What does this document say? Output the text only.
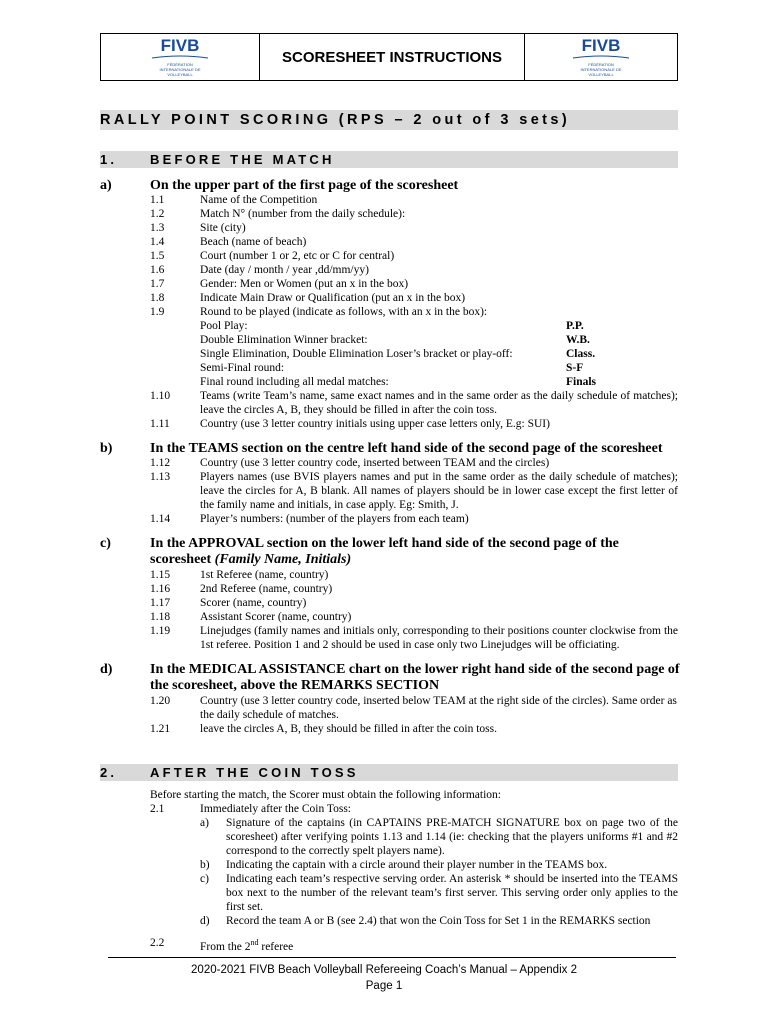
FIVB
FÉDÉRATION INTERNATIONALE DE VOLLEYBALL
SCORESHEET INSTRUCTIONS
FIVB
FÉDÉRATION INTERNATIONALE DE VOLLEYBALL
RALLY POINT SCORING (RPS – 2 out of 3 sets)
1.	BEFORE THE MATCH
a)	On the upper part of the first page of the scoresheet
1.1	Name of the Competition
1.2	Match N° (number from the daily schedule):
1.3	Site (city)
1.4	Beach (name of beach)
1.5	Court (number 1 or 2, etc or C for central)
1.6	Date (day / month / year ,dd/mm/yy)
1.7	Gender: Men or Women (put an x in the box)
1.8	Indicate Main Draw or Qualification (put an x in the box)
1.9	Round to be played (indicate as follows, with an x in the box):
Pool Play:	P.P.
Double Elimination Winner bracket:	W.B.
Single Elimination, Double Elimination Loser’s bracket or play-off:	Class.
Semi-Final round:	S-F
Final round including all medal matches:	Finals
1.10	Teams (write Team’s name, same exact names and in the same order as the daily schedule of matches); leave the circles A, B, they should be filled in after the coin toss.
1.11	Country (use 3 letter country initials using upper case letters only, E.g: SUI)
b)	In the TEAMS section on the centre left hand side of the second page of the scoresheet
1.12	Country (use 3 letter country code, inserted between TEAM and the circles)
1.13	Players names (use BVIS players names and put in the same order as the daily schedule of matches); leave the circles for A, B blank. All names of players should be in lower case except the first letter of the family name and initials, in case apply. Eg: Smith, J.
1.14	Player’s numbers: (number of the players from each team)
c)	In the APPROVAL section on the lower left hand side of the second page of the scoresheet (Family Name, Initials)
1.15	1st Referee (name, country)
1.16	2nd Referee (name, country)
1.17	Scorer (name, country)
1.18	Assistant Scorer (name, country)
1.19	Linejudges (family names and initials only, corresponding to their positions counter clockwise from the 1st referee. Position 1 and 2 should be used in case only two Linejudges will be officiating.
d)	In the MEDICAL ASSISTANCE chart on the lower right hand side of the second page of the scoresheet, above the REMARKS SECTION
1.20	Country (use 3 letter country code, inserted below TEAM at the right side of the circles). Same order as the daily schedule of matches.
1.21	leave the circles A, B, they should be filled in after the coin toss.
2.	AFTER THE COIN TOSS
Before starting the match, the Scorer must obtain the following information:
2.1	Immediately after the Coin Toss:
a) Signature of the captains (in CAPTAINS PRE-MATCH SIGNATURE box on page two of the scoresheet) after verifying points 1.13 and 1.14 (ie: checking that the players uniforms #1 and #2 correspond to the correctly spelt players name).
b) Indicating the captain with a circle around their player number in the TEAMS box.
c) Indicating each team’s respective serving order. An asterisk * should be inserted into the TEAMS box next to the number of the relevant team’s first server. This serving order only applies to the first set.
d) Record the team A or B (see 2.4) that won the Coin Toss for Set 1 in the REMARKS section
2.2	From the 2nd referee
2020-2021 FIVB Beach Volleyball Refereeing Coach’s Manual – Appendix 2
Page 1
